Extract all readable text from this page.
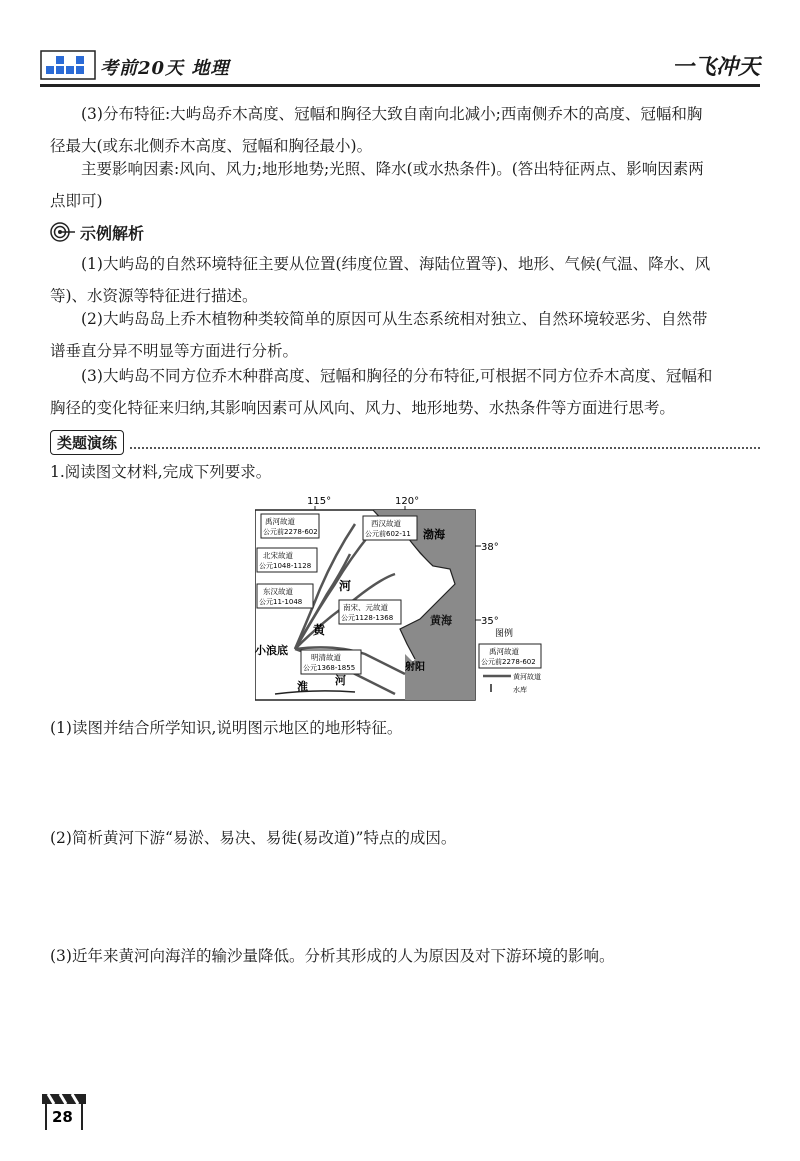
考前20天 地理	一飞冲天
(3)分布特征:大屿岛乔木高度、冠幅和胸径大致自南向北减小;西南侧乔木的高度、冠幅和胸
径最大(或东北侧乔木高度、冠幅和胸径最小)。
主要影响因素:风向、风力;地形地势;光照、降水(或水热条件)。(答出特征两点、影响因素两
点即可)
示例解析
(1)大屿岛的自然环境特征主要从位置(纬度位置、海陆位置等)、地形、气候(气温、降水、风
等)、水资源等特征进行描述。
(2)大屿岛岛上乔木植物种类较简单的原因可从生态系统相对独立、自然环境较恶劣、自然带
谱垂直分异不明显等方面进行分析。
(3)大屿岛不同方位乔木种群高度、冠幅和胸径的分布特征,可根据不同方位乔木高度、冠幅和
胸径的变化特征来归纳,其影响因素可从风向、风力、地形地势、水热条件等方面进行思考。
类题演练
1.阅读图文材料,完成下列要求。
115°	120°
38°
35°
渤海
黄海
河
黄
小浪底
射阳
淮 河
禹河故道
公元前2278-602
西汉故道
公元前602-11
北宋故道
公元1048-1128
东汉故道
公元11-1048
南宋、元故道
公元1128-1368
明清故道
公元1368-1855
图例
禹河故道
公元前2278-602
黄河故道
水库
(1)读图并结合所学知识,说明图示地区的地形特征。
(2)简析黄河下游“易淤、易决、易徙(易改道)”特点的成因。
(3)近年来黄河向海洋的输沙量降低。分析其形成的人为原因及对下游环境的影响。
28
